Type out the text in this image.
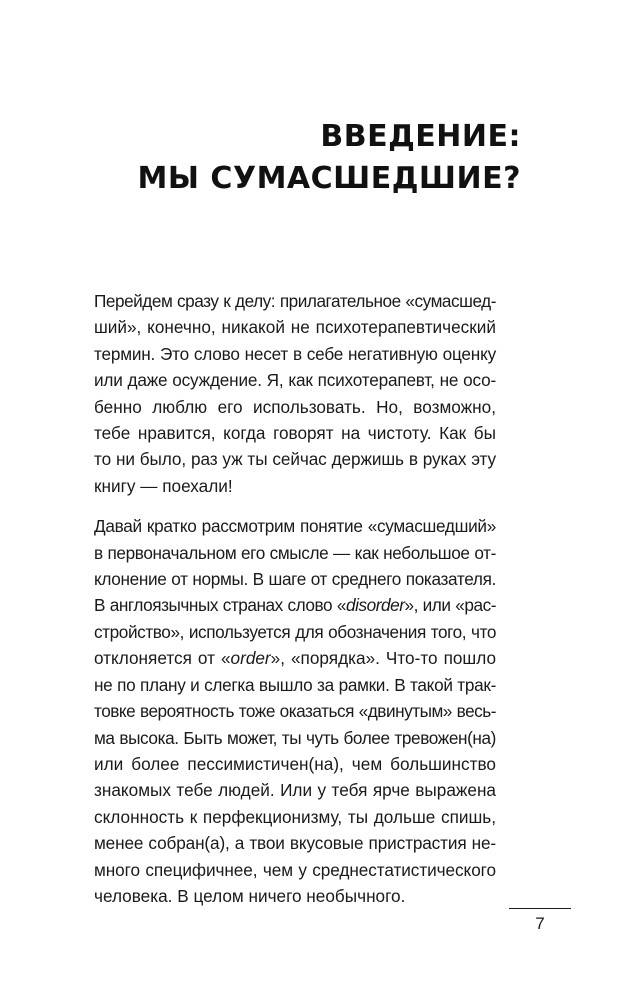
ВВЕДЕНИЕ:
МЫ СУМАСШЕДШИЕ?

Перейдем сразу к делу: прилагательное «сумасшед-
ший», конечно, никакой не психотерапевтический
термин. Это слово несет в себе негативную оценку
или даже осуждение. Я, как психотерапевт, не осо-
бенно люблю его использовать. Но, возможно,
тебе нравится, когда говорят на чистоту. Как бы
то ни было, раз уж ты сейчас держишь в руках эту
книгу — поехали!

Давай кратко рассмотрим понятие «сумасшедший»
в первоначальном его смысле — как небольшое от-
клонение от нормы. В шаге от среднего показателя.
В англоязычных странах слово «disorder», или «рас-
стройство», используется для обозначения того, что
отклоняется от «order», «порядка». Что-то пошло
не по плану и слегка вышло за рамки. В такой трак-
товке вероятность тоже оказаться «двинутым» весь-
ма высока. Быть может, ты чуть более тревожен(на)
или более пессимистичен(на), чем большинство
знакомых тебе людей. Или у тебя ярче выражена
склонность к перфекционизму, ты дольше спишь,
менее собран(а), а твои вкусовые пристрастия не-
много специфичнее, чем у среднестатистического
человека. В целом ничего необычного.

7
